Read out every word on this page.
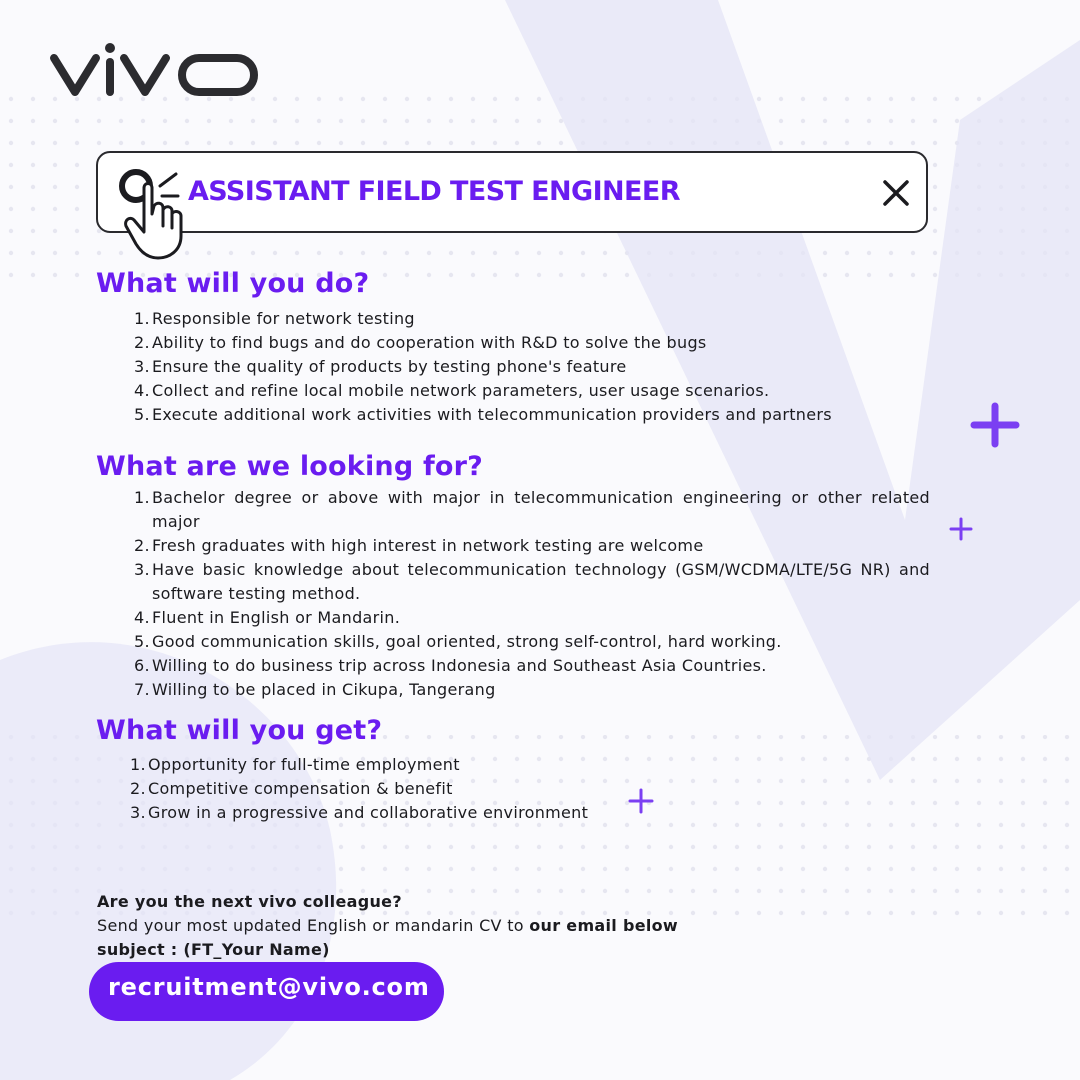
ASSISTANT FIELD TEST ENGINEER
What will you do?
1. Responsible for network testing
2. Ability to find bugs and do cooperation with R&D to solve the bugs
3. Ensure the quality of products by testing phone's feature
4. Collect and refine local mobile network parameters, user usage scenarios.
5. Execute additional work activities with telecommunication providers and partners
What are we looking for?
1. Bachelor degree or above with major in telecommunication engineering or other related major
2. Fresh graduates with high interest in network testing are welcome
3. Have basic knowledge about telecommunication technology (GSM/WCDMA/LTE/5G NR) and software testing method.
4. Fluent in English or Mandarin.
5. Good communication skills, goal oriented, strong self-control, hard working.
6. Willing to do business trip across Indonesia and Southeast Asia Countries.
7. Willing to be placed in Cikupa, Tangerang
What will you get?
1. Opportunity for full-time employment
2. Competitive compensation & benefit
3. Grow in a progressive and collaborative environment
Are you the next vivo colleague?
Send your most updated English or mandarin CV to our email below
subject : (FT_Your Name)
recruitment@vivo.com
